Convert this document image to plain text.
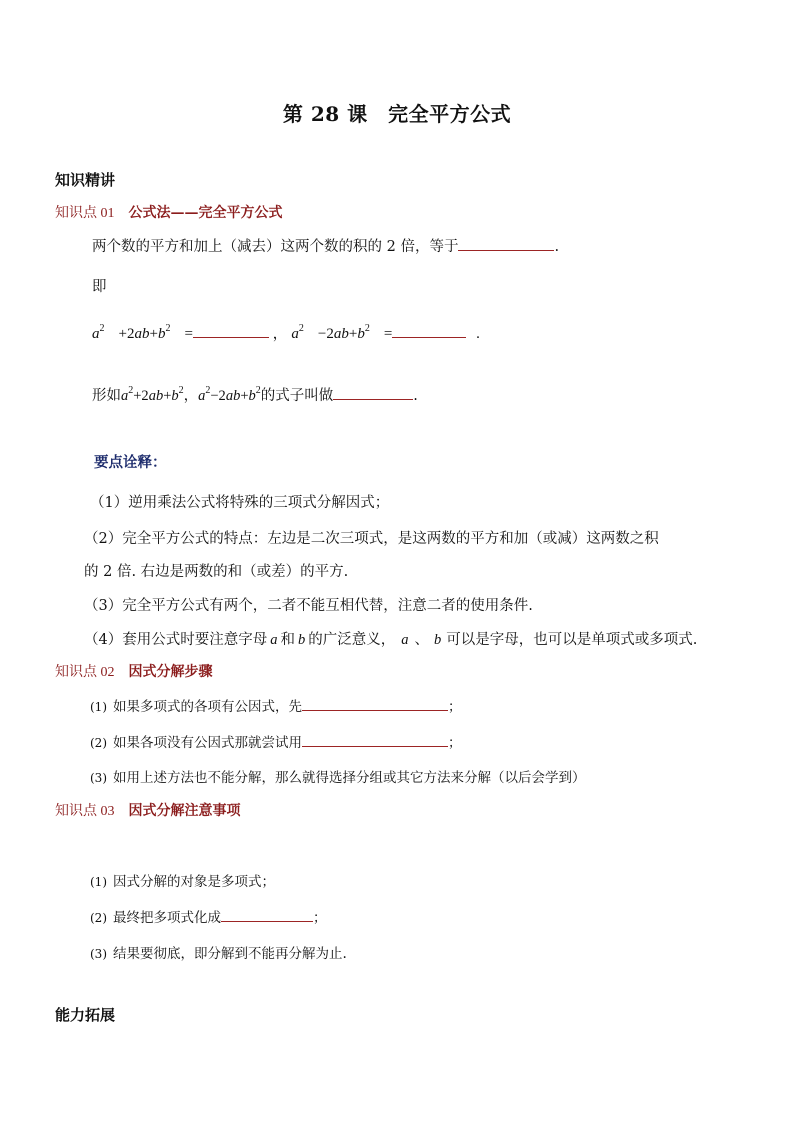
第 28 课　完全平方公式
知识精讲
知识点 01 公式法——完全平方公式
两个数的平方和加上（减去）这两个数的积的 2 倍，等于	.
即
$a^2 +2ab+b^2$ =	， $a^2 -2ab+b^2$ =	.
形如$a^2+2ab+b^2$，$a^2-2ab+b^2$的式子叫做	.
要点诠释：
（1）逆用乘法公式将特殊的三项式分解因式；
（2）完全平方公式的特点：左边是二次三项式，是这两数的平方和加（或减）这两数之积
的 2 倍. 右边是两数的和（或差）的平方.
（3）完全平方公式有两个，二者不能互相代替，注意二者的使用条件.
（4）套用公式时要注意字母 a 和 b 的广泛意义， a 、 b 可以是字母，也可以是单项式或多项式.
知识点 02 因式分解步骤
(1) 如果多项式的各项有公因式，先	；
(2) 如果各项没有公因式那就尝试用	；
(3) 如用上述方法也不能分解，那么就得选择分组或其它方法来分解（以后会学到）
知识点 03 因式分解注意事项
(1) 因式分解的对象是多项式；
(2) 最终把多项式化成	；
(3) 结果要彻底，即分解到不能再分解为止.
能力拓展
